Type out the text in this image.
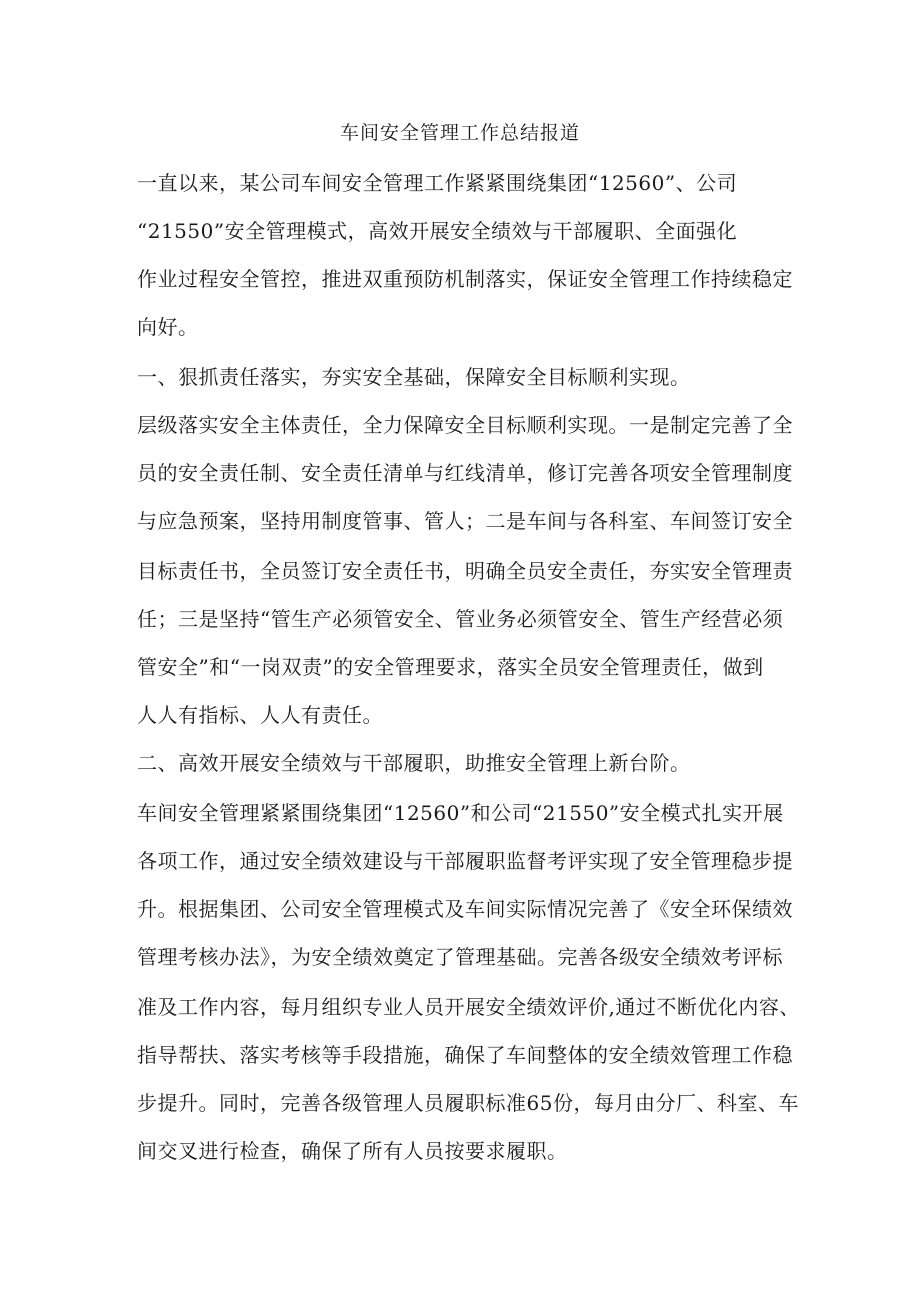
车间安全管理工作总结报道
一直以来，某公司车间安全管理工作紧紧围绕集团“12560”、公司
“21550”安全管理模式，高效开展安全绩效与干部履职、全面强化
作业过程安全管控，推进双重预防机制落实，保证安全管理工作持续稳定
向好。
一、狠抓责任落实，夯实安全基础，保障安全目标顺利实现。
层级落实安全主体责任，全力保障安全目标顺利实现。一是制定完善了全
员的安全责任制、安全责任清单与红线清单，修订完善各项安全管理制度
与应急预案，坚持用制度管事、管人；二是车间与各科室、车间签订安全
目标责任书，全员签订安全责任书，明确全员安全责任，夯实安全管理责
任；三是坚持“管生产必须管安全、管业务必须管安全、管生产经营必须
管安全”和“一岗双责”的安全管理要求，落实全员安全管理责任，做到
人人有指标、人人有责任。
二、高效开展安全绩效与干部履职，助推安全管理上新台阶。
车间安全管理紧紧围绕集团“12560”和公司“21550”安全模式扎实开展
各项工作，通过安全绩效建设与干部履职监督考评实现了安全管理稳步提
升。根据集团、公司安全管理模式及车间实际情况完善了《安全环保绩效
管理考核办法》，为安全绩效奠定了管理基础。完善各级安全绩效考评标
准及工作内容，每月组织专业人员开展安全绩效评价,通过不断优化内容、
指导帮扶、落实考核等手段措施，确保了车间整体的安全绩效管理工作稳
步提升。同时，完善各级管理人员履职标准65份，每月由分厂、科室、车
间交叉进行检查，确保了所有人员按要求履职。
